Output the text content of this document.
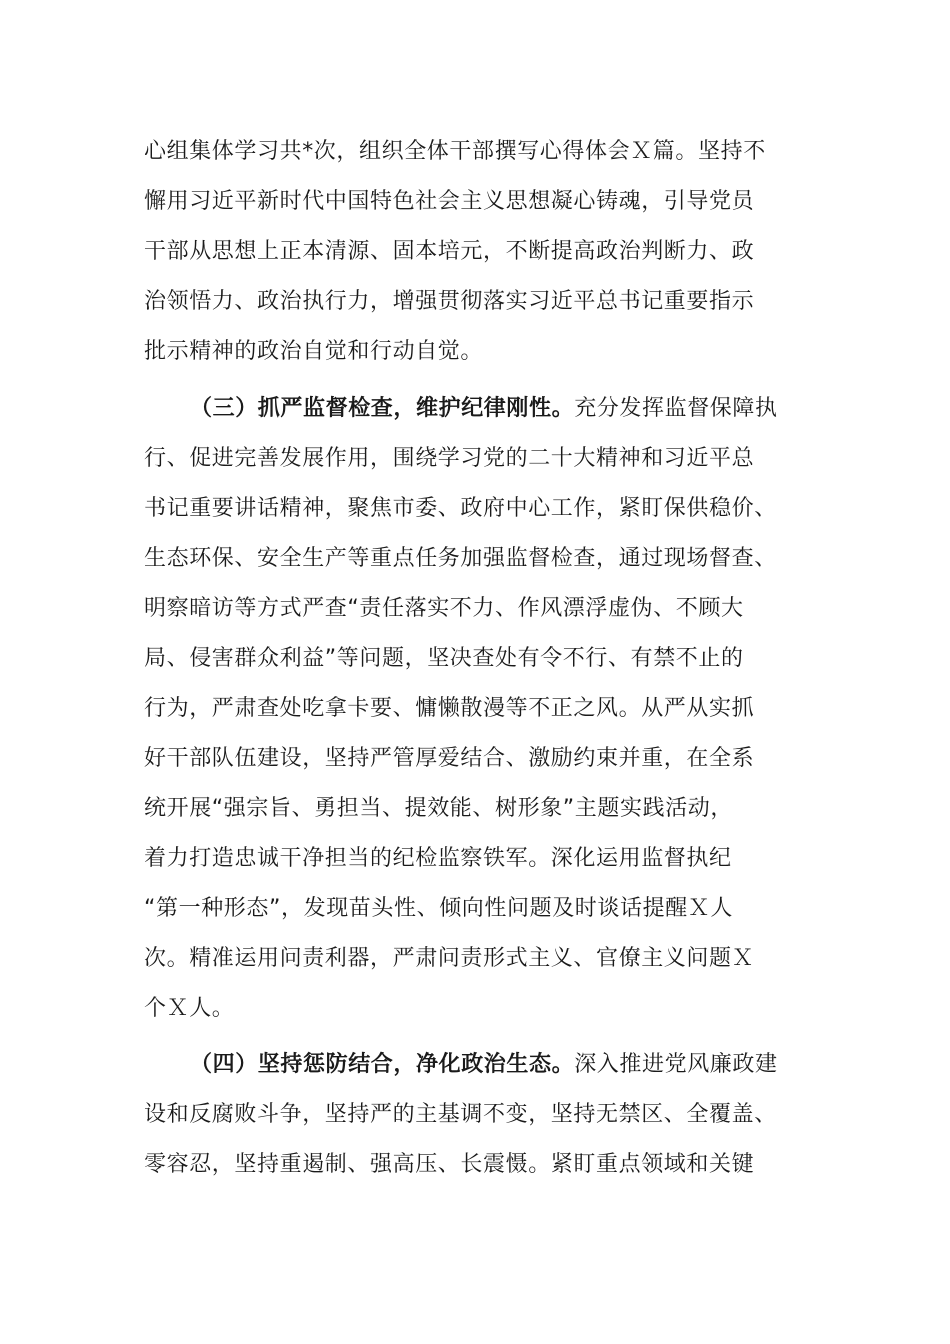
心组集体学习共*次，组织全体干部撰写心得体会Ｘ篇。坚持不
懈用习近平新时代中国特色社会主义思想凝心铸魂，引导党员
干部从思想上正本清源、固本培元，不断提高政治判断力、政
治领悟力、政治执行力，增强贯彻落实习近平总书记重要指示
批示精神的政治自觉和行动自觉。
（三）抓严监督检查，维护纪律刚性。充分发挥监督保障执
行、促进完善发展作用，围绕学习党的二十大精神和习近平总
书记重要讲话精神，聚焦市委、政府中心工作，紧盯保供稳价、
生态环保、安全生产等重点任务加强监督检查，通过现场督查、
明察暗访等方式严查“责任落实不力、作风漂浮虚伪、不顾大
局、侵害群众利益”等问题，坚决查处有令不行、有禁不止的
行为，严肃查处吃拿卡要、慵懒散漫等不正之风。从严从实抓
好干部队伍建设，坚持严管厚爱结合、激励约束并重，在全系
统开展“强宗旨、勇担当、提效能、树形象”主题实践活动，
着力打造忠诚干净担当的纪检监察铁军。深化运用监督执纪
“第一种形态”，发现苗头性、倾向性问题及时谈话提醒Ｘ人
次。精准运用问责利器，严肃问责形式主义、官僚主义问题Ｘ
个Ｘ人。
（四）坚持惩防结合，净化政治生态。深入推进党风廉政建
设和反腐败斗争，坚持严的主基调不变，坚持无禁区、全覆盖、
零容忍，坚持重遏制、强高压、长震慑。紧盯重点领域和关键
